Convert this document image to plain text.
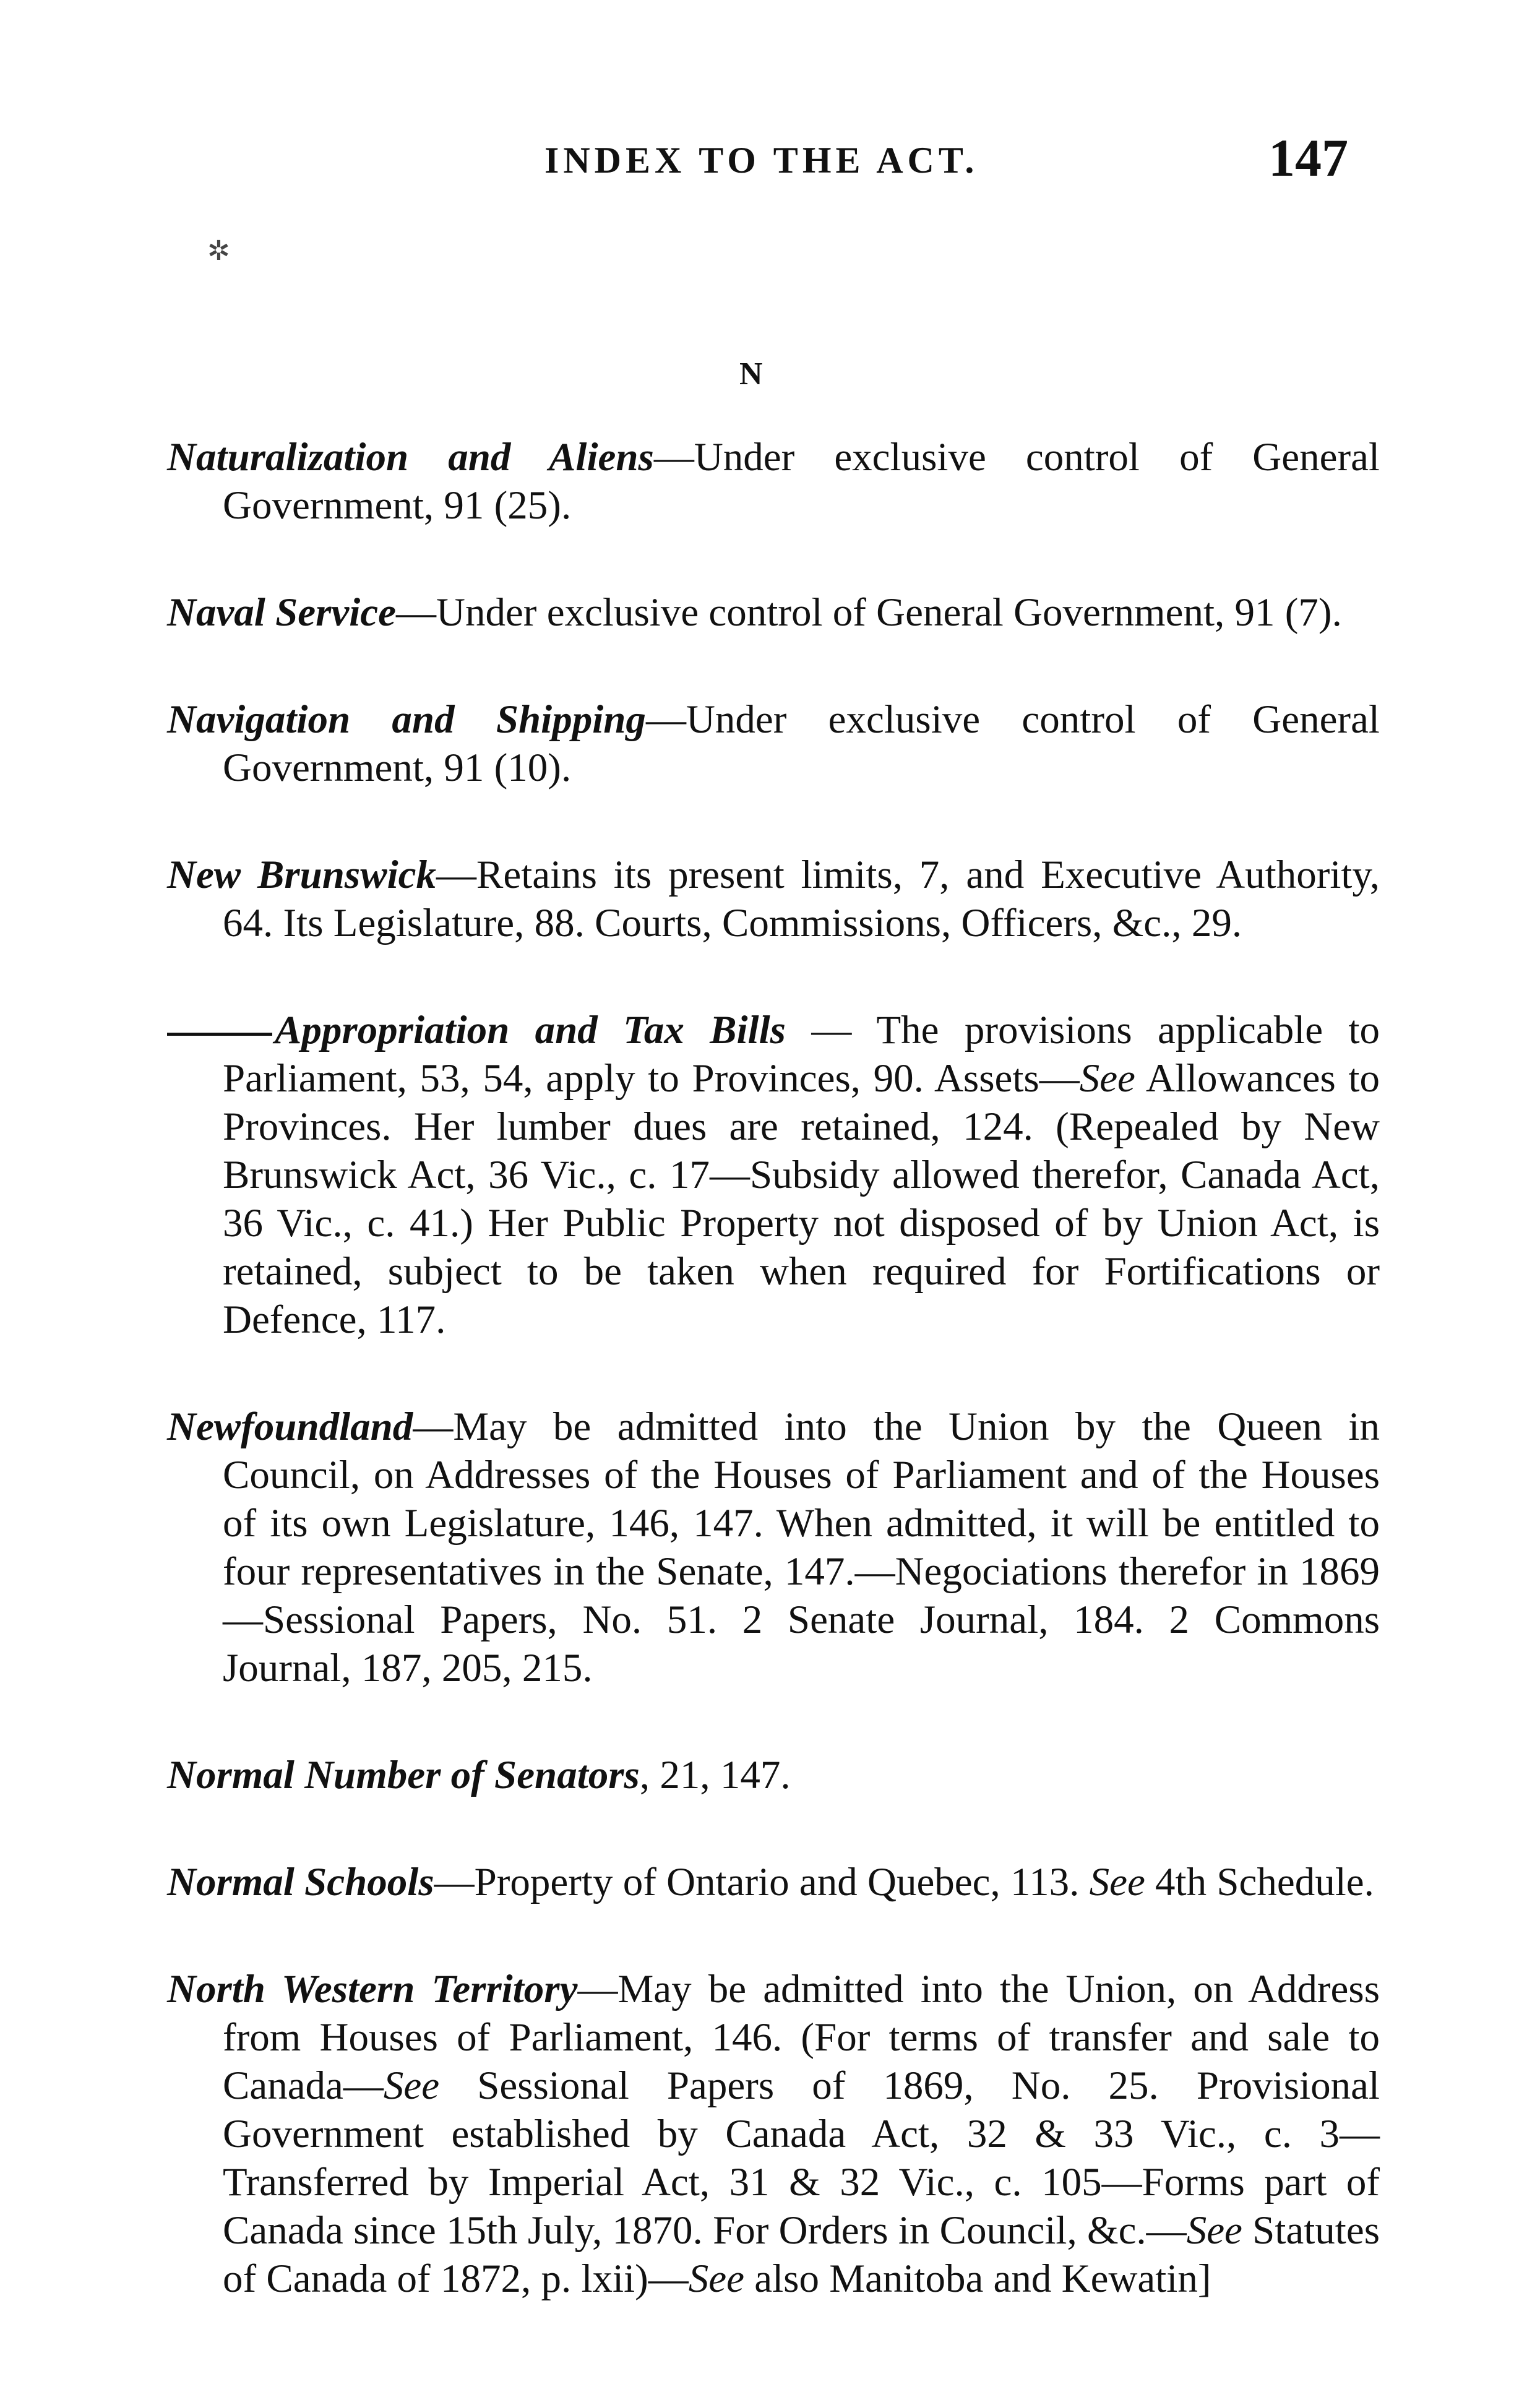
INDEX TO THE ACT.	147
✲
N

Naturalization and Aliens—Under exclusive control of General Government, 91 (25).

Naval Service—Under exclusive control of General Government, 91 (7).

Navigation and Shipping—Under exclusive control of General Government, 91 (10).

New Brunswick—Retains its present limits, 7, and Executive Authority, 64. Its Legislature, 88. Courts, Commissions, Officers, &c., 29.

Appropriation and Tax Bills — The provisions applicable to Parliament, 53, 54, apply to Provinces, 90. Assets—See Allowances to Provinces. Her lumber dues are retained, 124. (Repealed by New Brunswick Act, 36 Vic., c. 17—Subsidy allowed therefor, Canada Act, 36 Vic., c. 41.) Her Public Property not disposed of by Union Act, is retained, subject to be taken when required for Fortifications or Defence, 117.

Newfoundland—May be admitted into the Union by the Queen in Council, on Addresses of the Houses of Parliament and of the Houses of its own Legislature, 146, 147. When admitted, it will be entitled to four representatives in the Senate, 147.—Negociations therefor in 1869—Sessional Papers, No. 51. 2 Senate Journal, 184. 2 Commons Journal, 187, 205, 215.

Normal Number of Senators, 21, 147.

Normal Schools—Property of Ontario and Quebec, 113. See 4th Schedule.

North Western Territory—May be admitted into the Union, on Address from Houses of Parliament, 146. (For terms of transfer and sale to Canada—See Sessional Papers of 1869, No. 25. Provisional Government established by Canada Act, 32 & 33 Vic., c. 3—Transferred by Imperial Act, 31 & 32 Vic., c. 105—Forms part of Canada since 15th July, 1870. For Orders in Council, &c.—See Statutes of Canada of 1872, p. lxii)—See also Manitoba and Kewatin]
